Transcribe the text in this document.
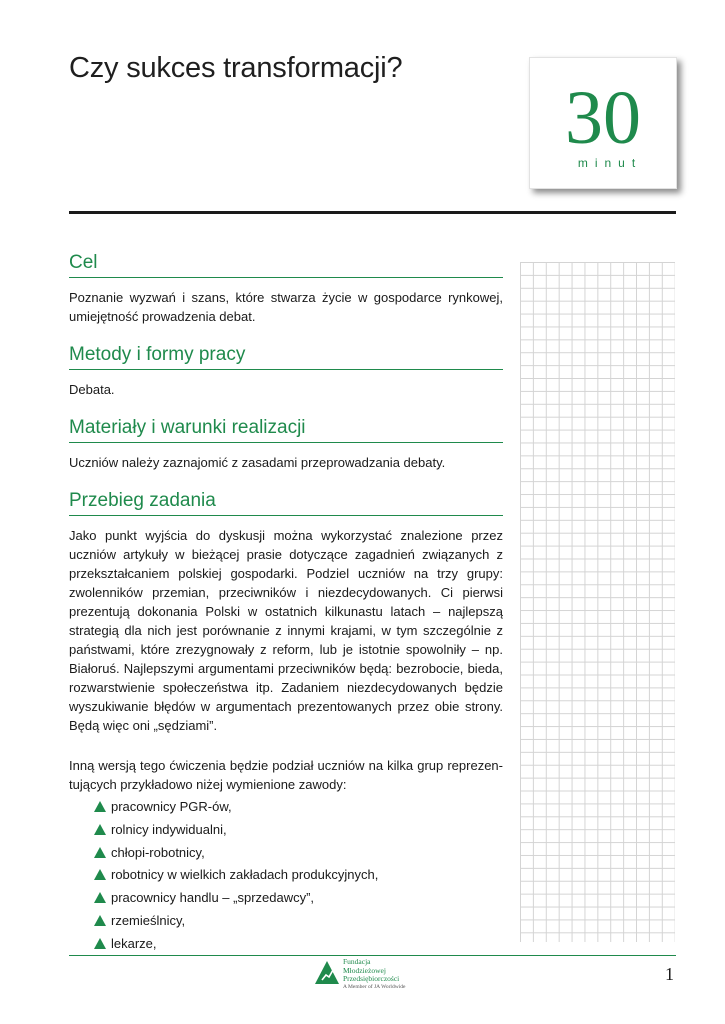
Czy sukces transformacji?
30
minut
Cel

Poznanie wyzwań i szans, które stwarza życie w gospodarce rynkowej, umiejętność prowadzenia debat.

Metody i formy pracy

Debata.

Materiały i warunki realizacji

Uczniów należy zaznajomić z zasadami przeprowadzania debaty.

Przebieg zadania

Jako punkt wyjścia do dyskusji można wykorzystać znalezione przez uczniów artykuły w bieżącej prasie dotyczące zagadnień związanych z przekształcaniem polskiej gospodarki. Podziel uczniów na trzy grupy: zwolenników przemian, przeciwników i niezdecydowanych. Ci pierwsi prezentują dokonania Polski w ostatnich kilkunastu latach – najlepszą strategią dla nich jest porównanie z innymi krajami, w tym szczególnie z państwami, które zrezygnowały z reform, lub je istotnie spowolniły – np. Białoruś. Najlepszymi argumentami przeciwników będą: bezrobocie, bieda, rozwarstwienie społeczeństwa itp. Zadaniem niezdecydowanych będzie wyszukiwanie błędów w argumentach prezentowanych przez obie strony. Będą więc oni „sędziami”.

Inną wersją tego ćwiczenia będzie podział uczniów na kilka grup reprezentujących przykładowo niżej wymienione zawody:

pracownicy PGR-ów,
rolnicy indywidualni,
chłopi-robotnicy,
robotnicy w wielkich zakładach produkcyjnych,
pracownicy handlu – „sprzedawcy”,
rzemieślnicy,
lekarze,
Fundacja
Młodzieżowej
Przedsiębiorczości
A Member of JA Worldwide
1
